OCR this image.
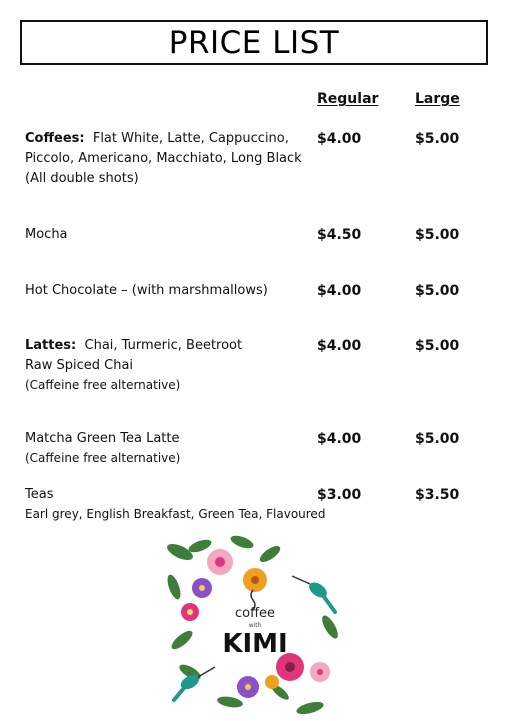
PRICE LIST
Regular	Large
Coffees: Flat White, Latte, Cappuccino,
Piccolo, Americano, Macchiato, Long Black
(All double shots)
$4.00	$5.00
Mocha	$4.50	$5.00
Hot Chocolate – (with marshmallows)	$4.00	$5.00
Lattes: Chai, Turmeric, Beetroot
Raw Spiced Chai
(Caffeine free alternative)
$4.00	$5.00
Matcha Green Tea Latte
(Caffeine free alternative)
$4.00	$5.00
Teas
Earl grey, English Breakfast, Green Tea, Flavoured
$3.00	$3.50
coffee
with
KIMI
